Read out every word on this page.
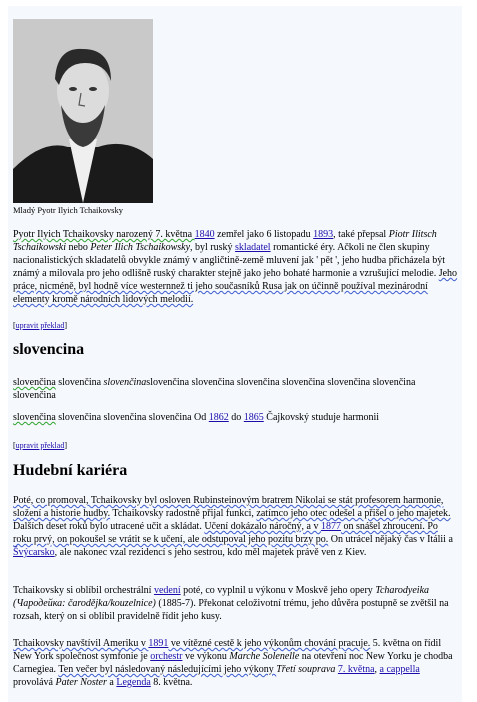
Mladý Pyotr Ilyich Tchaikovsky

Pyotr Ilyich Tchaikovsky narozený 7. května 1840 zemřel jako 6 listopadu 1893, také přepsal Piotr Ilitsch Tschaikowski nebo Peter Ilich Tschaikowsky, byl ruský skladatel romantické éry. Ačkoli ne člen skupiny nacionalistických skladatelů obvykle známý v angličtině-země mluvení jak ' pět ', jeho hudba přicházela být známý a milovala pro jeho odlišně ruský charakter stejně jako jeho bohaté harmonie a vzrušující melodie. Jeho práce, nicméně, byl hodně více westernnež ti jeho současníků Rusa jak on účinně používal mezinárodní elementy kromě národních lidových melodií.

[upravit překlad]
slovencina

slovenčina slovenčina slovenčinaslovenčina slovenčina slovenčina slovenčina slovenčina slovenčina slovenčina

slovenčina slovenčina slovenčina slovenčina Od 1862 do 1865 Čajkovský studuje harmonii

[upravit překlad]
Hudební kariéra

Poté, co promoval, Tchaikovsky byl osloven Rubinsteinovým bratrem Nikolai se stát profesorem harmonie, složení a historie hudby. Tchaikovsky radostně přijal funkci, zatímco jeho otec odešel a přišel o jeho majetek. Dalších deset roků bylo utracené učit a skládat. Učení dokázalo náročný, a v 1877 on snášel zhroucení. Po roku prvý, on pokoušel se vrátit se k učení, ale odstupoval jeho pozitu brzy po. On utrácel nějaký čas v Itálii a Švýcarsko, ale nakonec vzal rezidencí s jeho sestrou, kdo měl majetek právě ven z Kiev.

Tchaikovsky si oblíbil orchestrální vedení poté, co vyplnil u výkonu v Moskvě jeho opery Tcharodyeika (Чародейка: čarodějka/kouzelnice) (1885-7). Překonat celoživotní trému, jeho důvěra postupně se zvětšil na rozsah, který on si oblíbil pravidelně řídit jeho kusy.

Tchaikovsky navštívil Ameriku v 1891 ve vítězné cestě k jeho výkonům chování pracuje. 5. května on řídil New York společnost symfonie je orchestr ve výkonu Marche Solenelle na otevření noc New Yorku je chodba Carnegiea. Ten večer byl následovaný následujícími jeho výkony Třetí souprava 7. května, a cappella provolává Pater Noster a Legenda 8. května.
